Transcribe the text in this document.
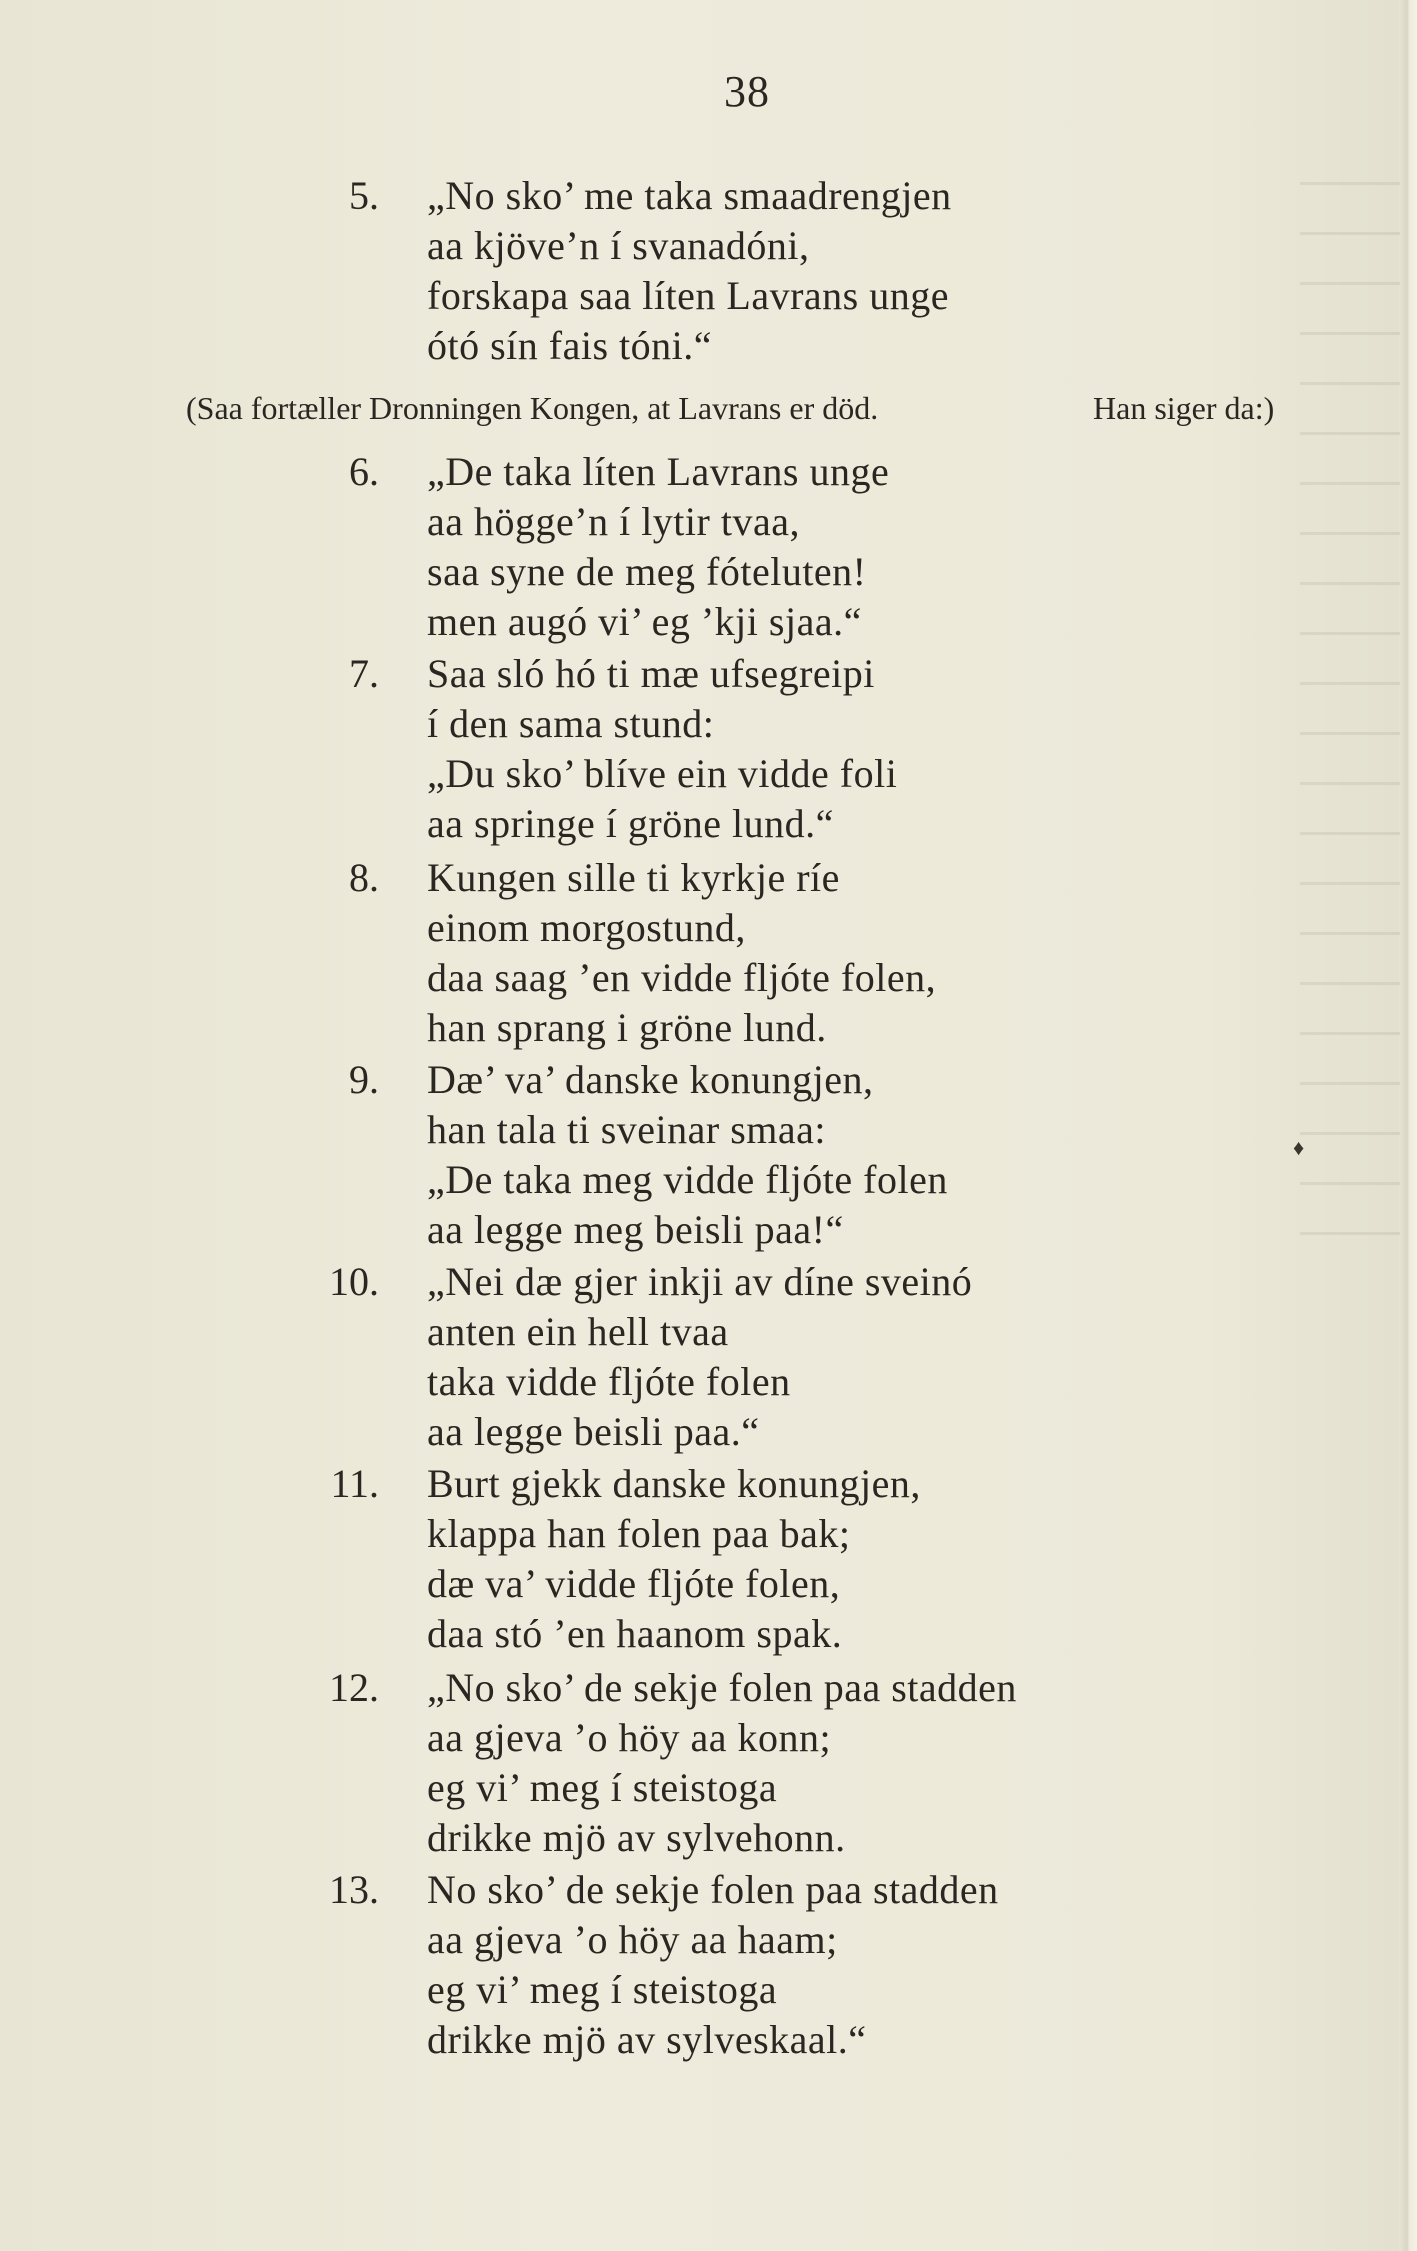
38
(Saa fortæller Dronningen Kongen, at Lavrans er död.	Han siger da:)
5. „No sko’ me taka smaadrengjen
aa kjöve’n í svanadóni,
forskapa saa líten Lavrans unge
ótó sín fais tóni.“
6. „De taka líten Lavrans unge
aa högge’n í lytir tvaa,
saa syne de meg fóteluten!
men augó vi’ eg ’kji sjaa.“
7. Saa sló hó ti mæ ufsegreipi
í den sama stund:
„Du sko’ blíve ein vidde foli
aa springe í gröne lund.“
8. Kungen sille ti kyrkje ríe
einom morgostund,
daa saag ’en vidde fljóte folen,
han sprang i gröne lund.
9. Dæ’ va’ danske konungjen,
han tala ti sveinar smaa:
„De taka meg vidde fljóte folen
aa legge meg beisli paa!“
10. „Nei dæ gjer inkji av díne sveinó
anten ein hell tvaa
taka vidde fljóte folen
aa legge beisli paa.“
11. Burt gjekk danske konungjen,
klappa han folen paa bak;
dæ va’ vidde fljóte folen,
daa stó ’en haanom spak.
12. „No sko’ de sekje folen paa stadden
aa gjeva ’o höy aa konn;
eg vi’ meg í steistoga
drikke mjö av sylvehonn.
13. No sko’ de sekje folen paa stadden
aa gjeva ’o höy aa haam;
eg vi’ meg í steistoga
drikke mjö av sylveskaal.“
♦
